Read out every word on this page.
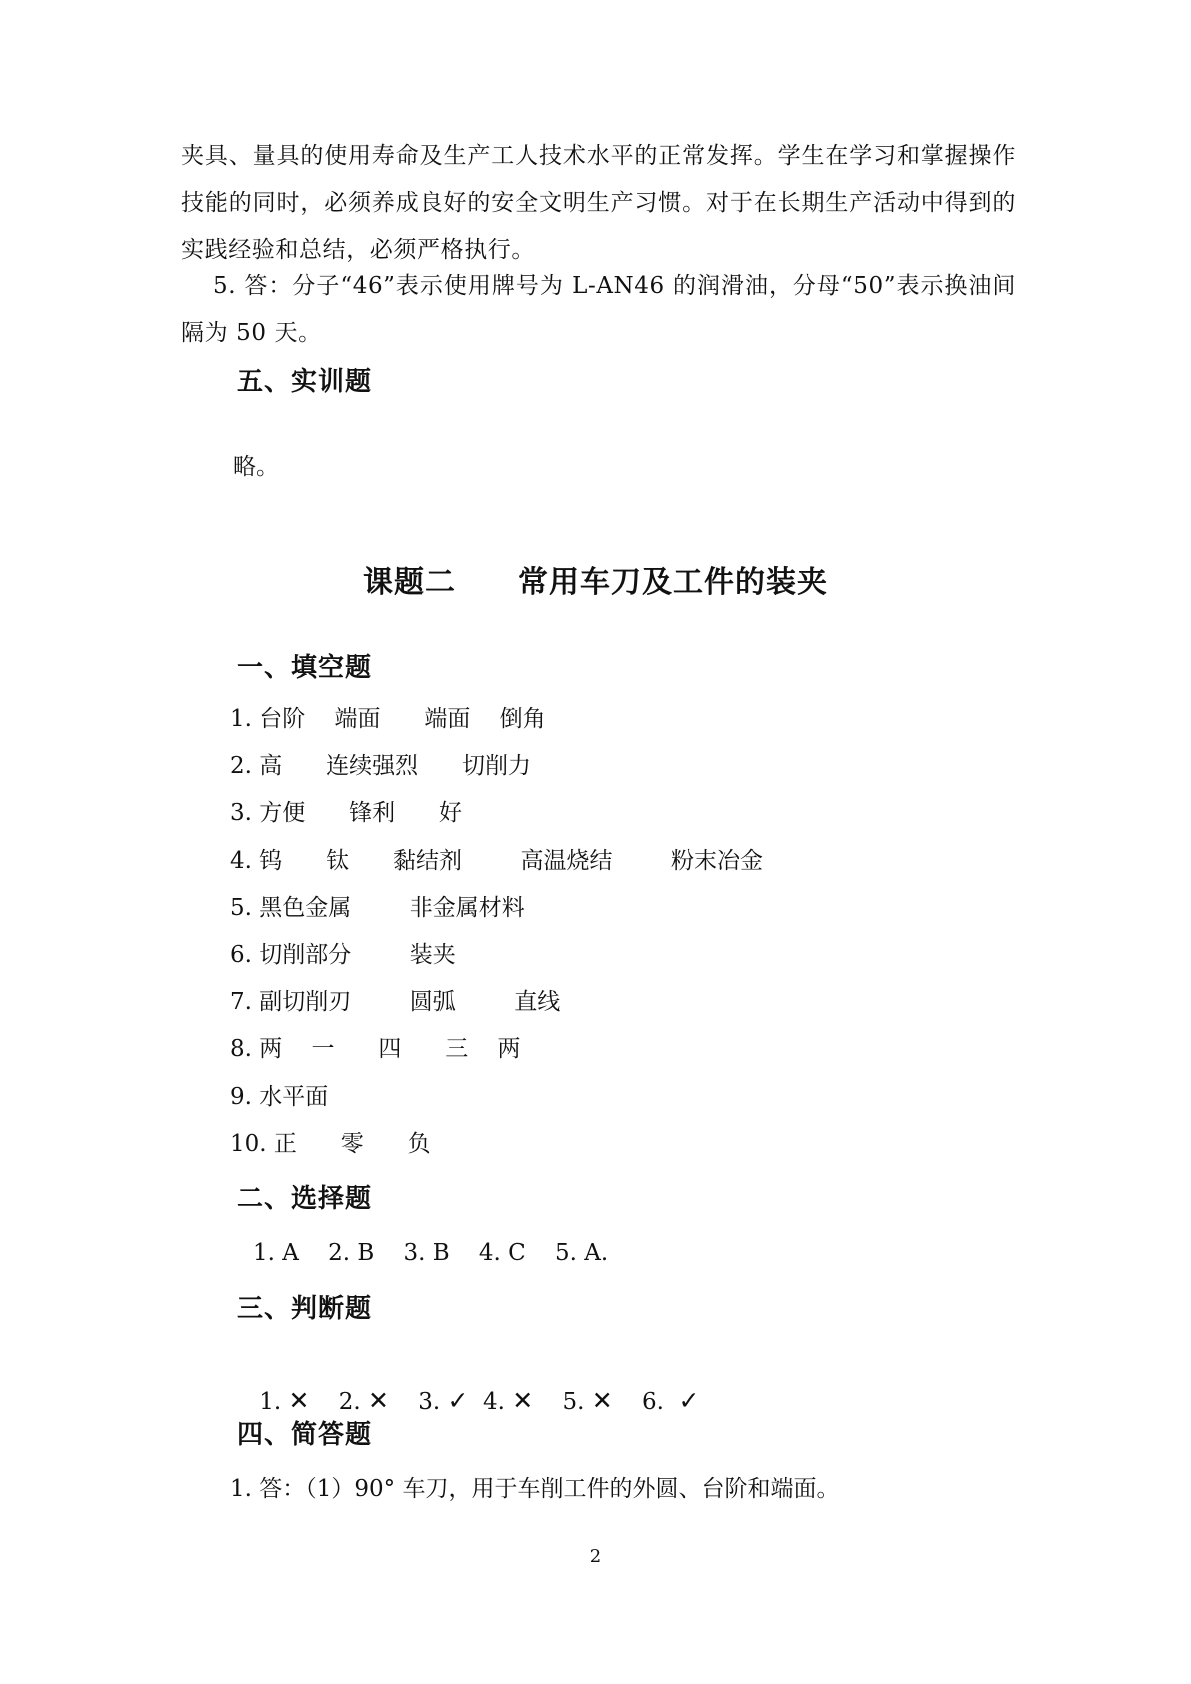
夹具、量具的使用寿命及生产工人技术水平的正常发挥。学生在学习和掌握操作技能的同时，必须养成良好的安全文明生产习惯。对于在长期生产活动中得到的实践经验和总结，必须严格执行。
5. 答：分子“46”表示使用牌号为 L-AN46 的润滑油，分母“50”表示换油间隔为 50 天。
五、实训题
略。
课题二 常用车刀及工件的装夹
一、填空题
1. 台阶    端面      端面    倒角
2. 高      连续强烈      切削力
3. 方便      锋利      好
4. 钨      钛      黏结剂        高温烧结        粉末冶金
5. 黑色金属        非金属材料
6. 切削部分        装夹
7. 副切削刃        圆弧        直线
8. 两    一      四      三    两
9. 水平面
10. 正      零      负
二、选择题
1. A    2. B    3. B    4. C    5. A.
三、判断题

1. ✕ 2. ✕ 3. ✓ 4. ✕ 5. ✕ 6. ✓

四、简答题
1. 答：（1）90° 车刀，用于车削工件的外圆、台阶和端面。
2
